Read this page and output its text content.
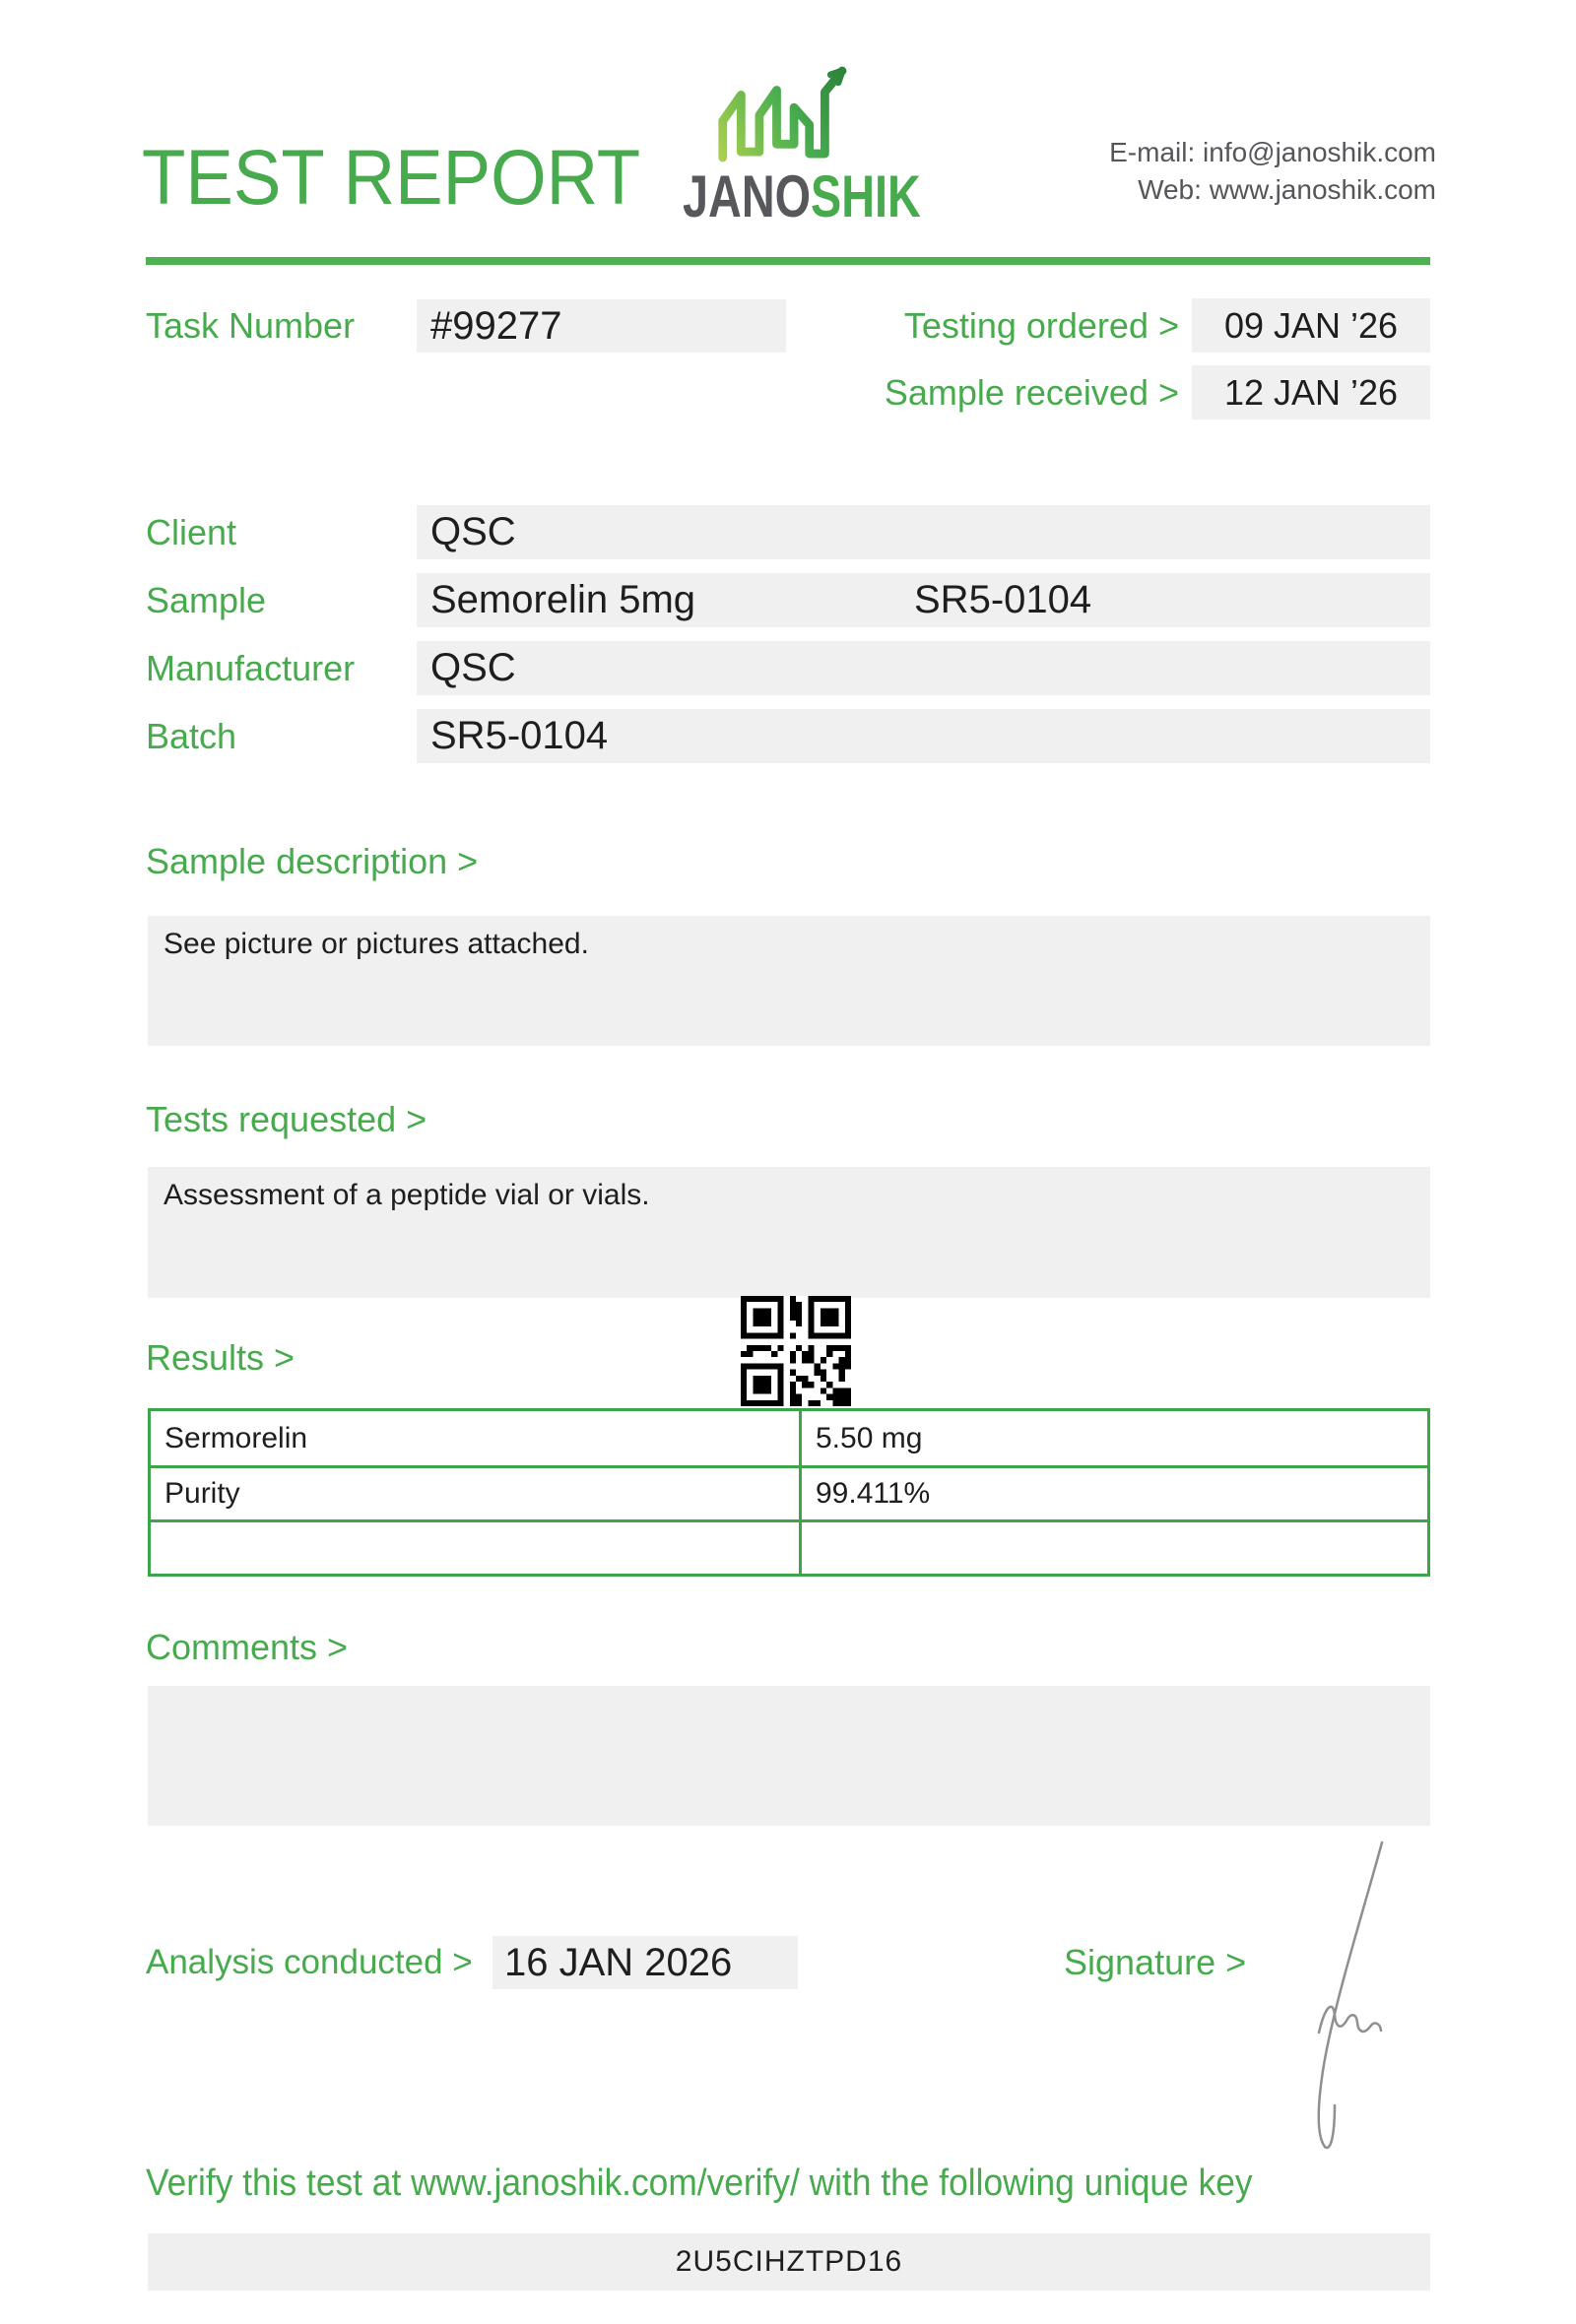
TEST REPORT JANOSHIK
E-mail: info@janoshik.com
Web: www.janoshik.com
Task Number	#99277	Testing ordered >	09 JAN ’26
Sample received >	12 JAN ’26
Client	QSC
Sample	Semorelin 5mg	SR5-0104
Manufacturer QSC
Batch	SR5-0104
Sample description >
See picture or pictures attached.
Tests requested >
Assessment of a peptide vial or vials.
Results >
Sermorelin	5.50 mg
Purity	99.411%
Comments >
Analysis conducted > 16 JAN 2026	Signature >
Verify this test at www.janoshik.com/verify/ with the following unique key
2U5CIHZTPD16
